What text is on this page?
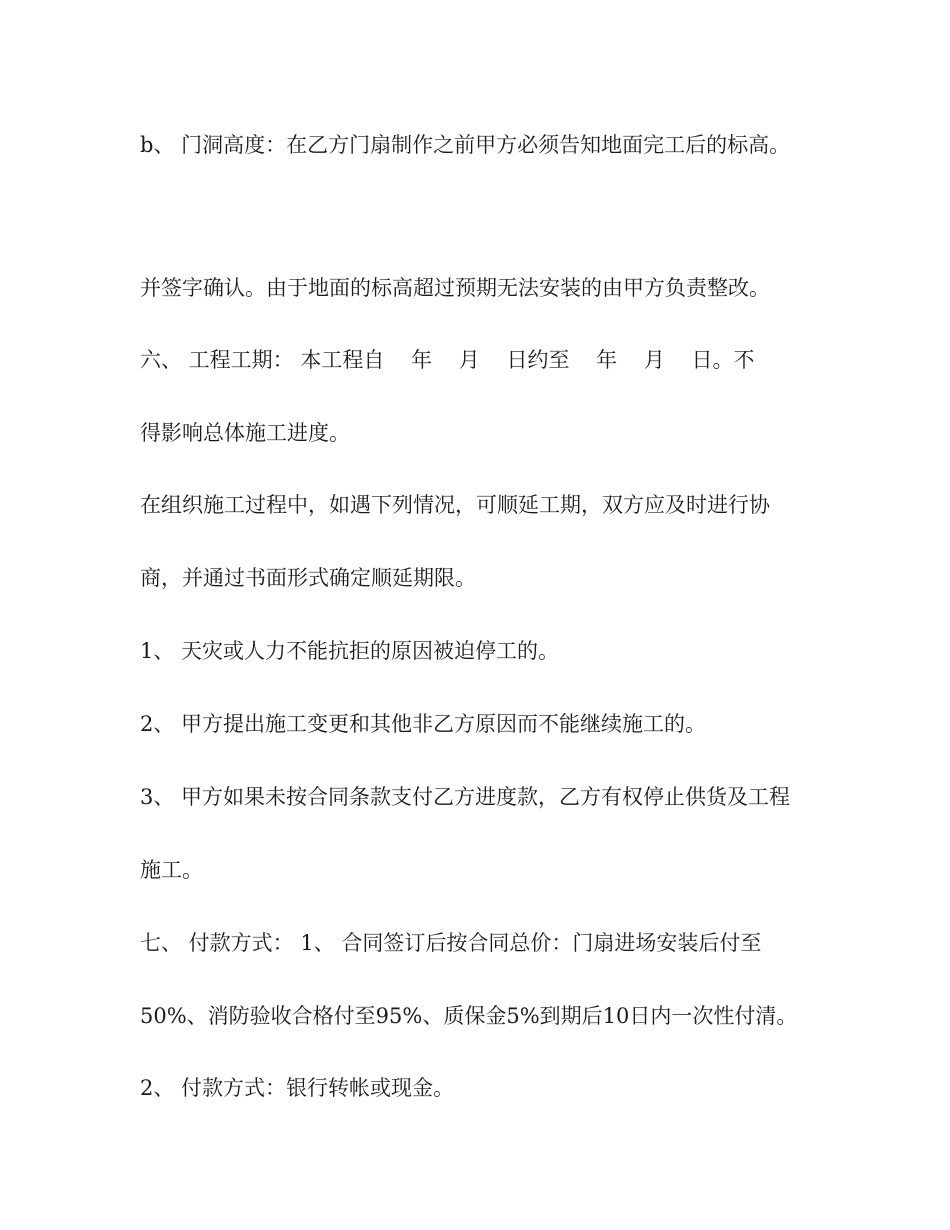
b、 门洞高度：在乙方门扇制作之前甲方必须告知地面完工后的标高。

并签字确认。由于地面的标高超过预期无法安装的由甲方负责整改。

六、 工程工期： 本工程自    年    月    日约至    年    月    日。不

得影响总体施工进度。

在组织施工过程中，如遇下列情况，可顺延工期，双方应及时进行协

商，并通过书面形式确定顺延期限。

1、 天灾或人力不能抗拒的原因被迫停工的。

2、 甲方提出施工变更和其他非乙方原因而不能继续施工的。

3、 甲方如果未按合同条款支付乙方进度款，乙方有权停止供货及工程

施工。

七、 付款方式： 1、 合同签订后按合同总价：门扇进场安装后付至

50%、消防验收合格付至95%、质保金5%到期后10日内一次性付清。

2、 付款方式：银行转帐或现金。
